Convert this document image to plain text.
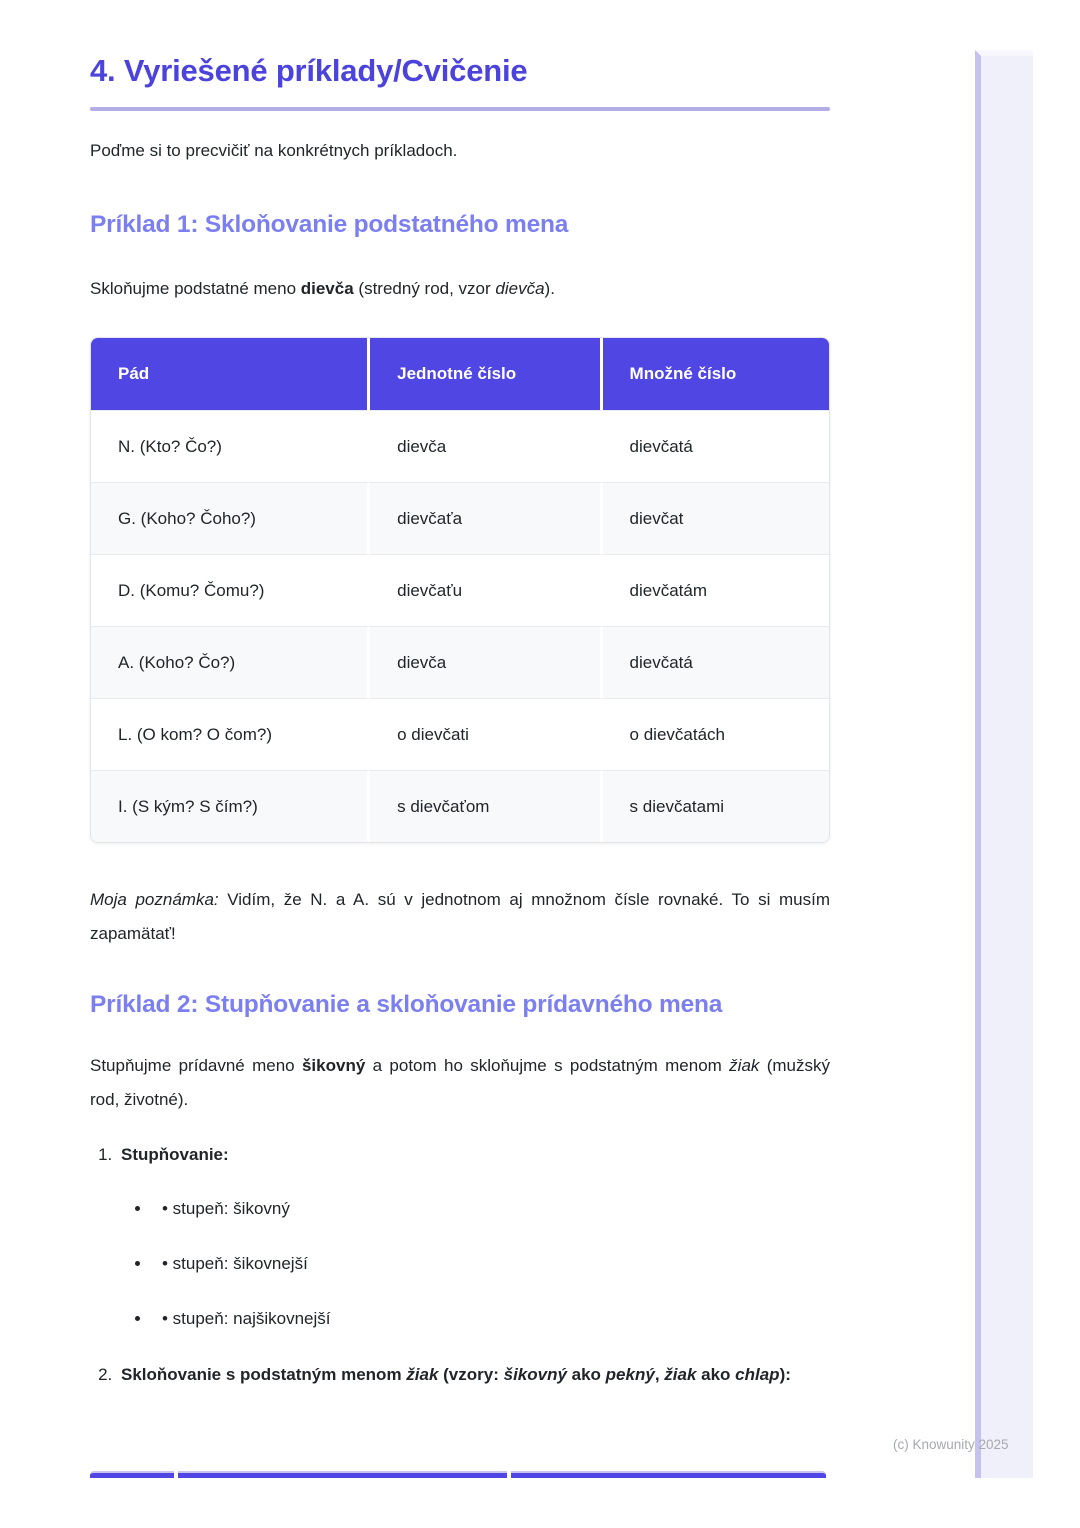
4. Vyriešené príklady/Cvičenie

Poďme si to precvičiť na konkrétnych príkladoch.

Príklad 1: Skloňovanie podstatného mena

Skloňujme podstatné meno dievča (stredný rod, vzor dievča).

Pád	Jednotné číslo	Množné číslo
N. (Kto? Čo?)	dievča	dievčatá
G. (Koho? Čoho?)	dievčaťa	dievčat
D. (Komu? Čomu?)	dievčaťu	dievčatám
A. (Koho? Čo?)	dievča	dievčatá
L. (O kom? O čom?)	o dievčati	o dievčatách
I. (S kým? S čím?)	s dievčaťom	s dievčatami

Moja poznámka: Vidím, že N. a A. sú v jednotnom aj množnom čísle rovnaké. To si musím zapamätať!

Príklad 2: Stupňovanie a skloňovanie prídavného mena

Stupňujme prídavné meno šikovný a potom ho skloňujme s podstatným menom žiak (mužský rod, životné).

1. Stupňovanie:
• • stupeň: šikovný
• • stupeň: šikovnejší
• • stupeň: najšikovnejší
2. Skloňovanie s podstatným menom žiak (vzory: šikovný ako pekný, žiak ako chlap):
(c) Knowunity 2025
